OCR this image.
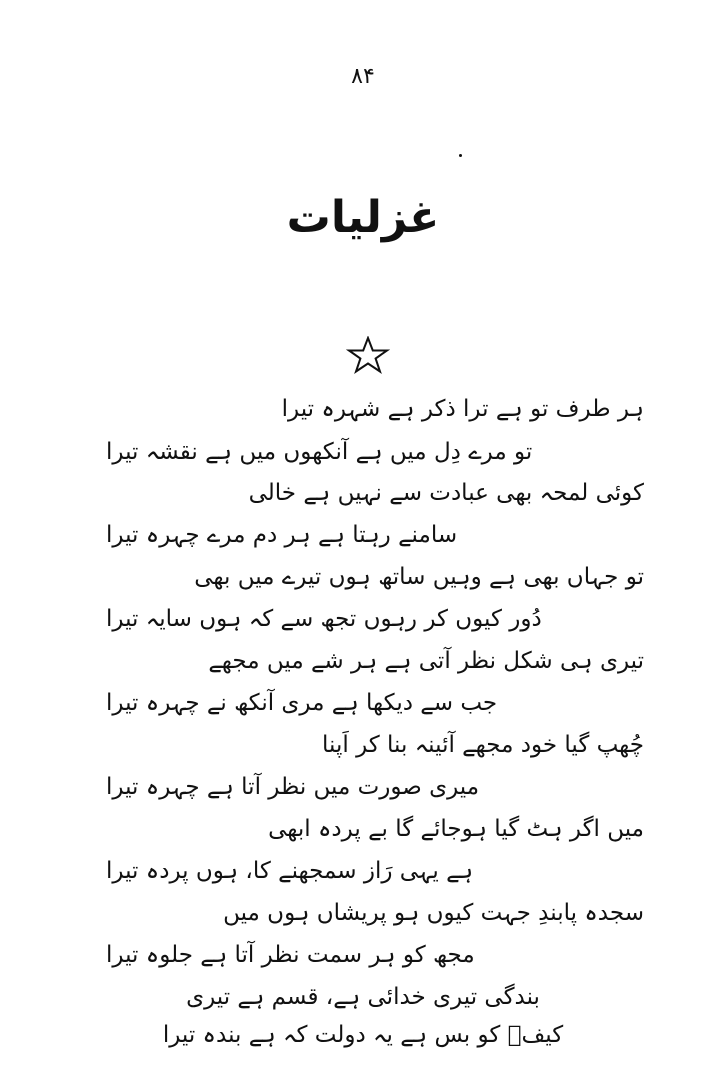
۸۴
غزلیات
ہر طرف تو ہے ترا ذکر ہے شہرہ تیرا
تو مرے دِل میں ہے آنکھوں میں ہے نقشہ تیرا
کوئی لمحہ بھی عبادت سے نہیں ہے خالی
سامنے رہتا ہے ہر دم مرے چہرہ تیرا
تو جہاں بھی ہے وہیں ساتھ ہوں تیرے میں بھی
دُور کیوں کر رہوں تجھ سے کہ ہوں سایہ تیرا
تیری ہی شکل نظر آتی ہے ہر شے میں مجھے
جب سے دیکھا ہے مری آنکھ نے چہرہ تیرا
چُھپ گیا خود مجھے آئینہ بنا کر اَپنا
میری صورت میں نظر آتا ہے چہرہ تیرا
میں اگر ہٹ گیا ہوجائے گا بے پردہ ابھی
ہے یہی رَاز سمجھنے کا، ہوں پردہ تیرا
سجدہ پابندِ جہت کیوں ہو پریشاں ہوں میں
مجھ کو ہر سمت نظر آتا ہے جلوہ تیرا
بندگی تیری خدائی ہے، قسم ہے تیری
کیفؔ کو بس ہے یہ دولت کہ ہے بندہ تیرا
